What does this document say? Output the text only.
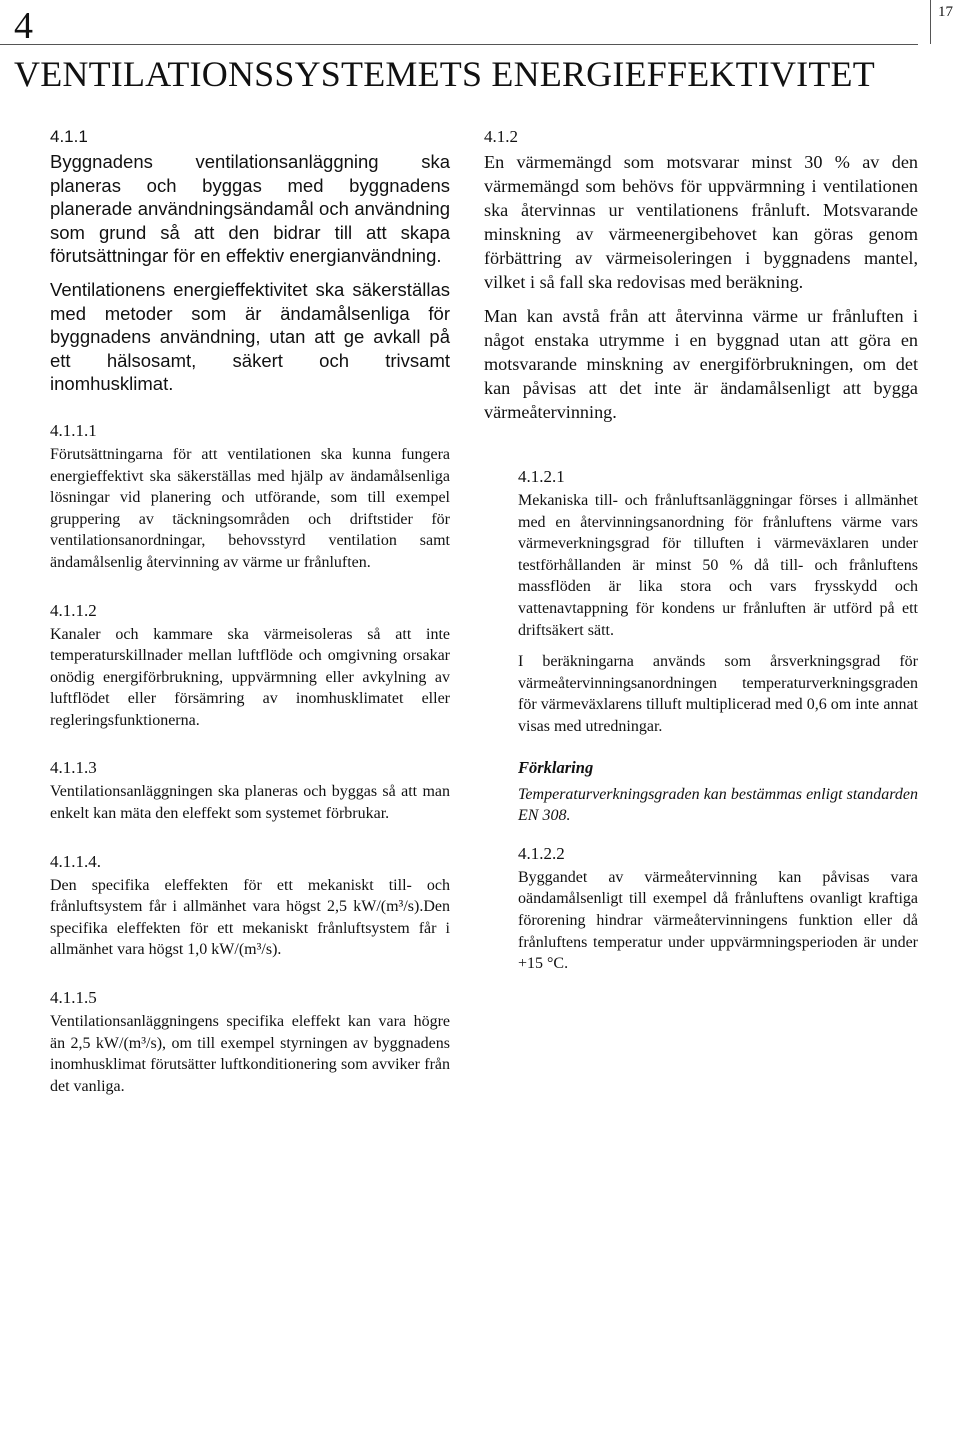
17
4
VENTILATIONSSYSTEMETS ENERGIEFFEKTIVITET
4.1.1

Byggnadens ventilationsanläggning ska planeras och byggas med byggnadens planerade användningsändamål och användning som grund så att den bidrar till att skapa förutsättningar för en effektiv energianvändning.

Ventilationens energieffektivitet ska säkerställas med metoder som är ändamålsenliga för byggnadens användning, utan att ge avkall på ett hälsosamt, säkert och trivsamt inomhusklimat.

4.1.1.1

Förutsättningarna för att ventilationen ska kunna fungera energieffektivt ska säkerställas med hjälp av ändamålsenliga lösningar vid planering och utförande, som till exempel gruppering av täckningsområden och driftstider för ventilationsanordningar, behovsstyrd ventilation samt ändamålsenlig återvinning av värme ur frånluften.

4.1.1.2

Kanaler och kammare ska värmeisoleras så att inte temperaturskillnader mellan luftflöde och omgivning orsakar onödig energiförbrukning, uppvärmning eller avkylning av luftflödet eller försämring av inomhusklimatet eller regleringsfunktionerna.

4.1.1.3

Ventilationsanläggningen ska planeras och byggas så att man enkelt kan mäta den eleffekt som systemet förbrukar.

4.1.1.4.

Den specifika eleffekten för ett mekaniskt till- och frånluftsystem får i allmänhet vara högst 2,5 kW/(m³/s).Den specifika eleffekten för ett mekaniskt frånluftsystem får i allmänhet vara högst 1,0 kW/(m³/s).

4.1.1.5

Ventilationsanläggningens specifika eleffekt kan vara högre än 2,5 kW/(m³/s), om till exempel styrningen av byggnadens inomhusklimat förutsätter luftkonditionering som avviker från det vanliga.

4.1.2

En värmemängd som motsvarar minst 30 % av den värmemängd som behövs för uppvärmning i ventilationen ska återvinnas ur ventilationens frånluft. Motsvarande minskning av värmeenergibehovet kan göras genom förbättring av värmeisoleringen i byggnadens mantel, vilket i så fall ska redovisas med beräkning.

Man kan avstå från att återvinna värme ur frånluften i något enstaka utrymme i en byggnad utan att göra en motsvarande minskning av energiförbrukningen, om det kan påvisas att det inte är ändamålsenligt att bygga värmeåtervinning.

4.1.2.1

Mekaniska till- och frånluftsanläggningar förses i allmänhet med en återvinningsanordning för frånluftens värme vars värmeverkningsgrad för tilluften i värmeväxlaren under testförhållanden är minst 50 % då till- och frånluftens massflöden är lika stora och vars frysskydd och vattenavtappning för kondens ur frånluften är utförd på ett driftsäkert sätt.

I beräkningarna används som årsverkningsgrad för värmeåtervinningsanordningen temperaturverkningsgraden för värmeväxlarens tilluft multiplicerad med 0,6 om inte annat visas med utredningar.

Förklaring

Temperaturverkningsgraden kan bestämmas enligt standarden EN 308.

4.1.2.2

Byggandet av värmeåtervinning kan påvisas vara oändamålsenligt till exempel då frånluftens ovanligt kraftiga förorening hindrar värmeåtervinningens funktion eller då frånluftens temperatur under uppvärmningsperioden är under +15 °C.
